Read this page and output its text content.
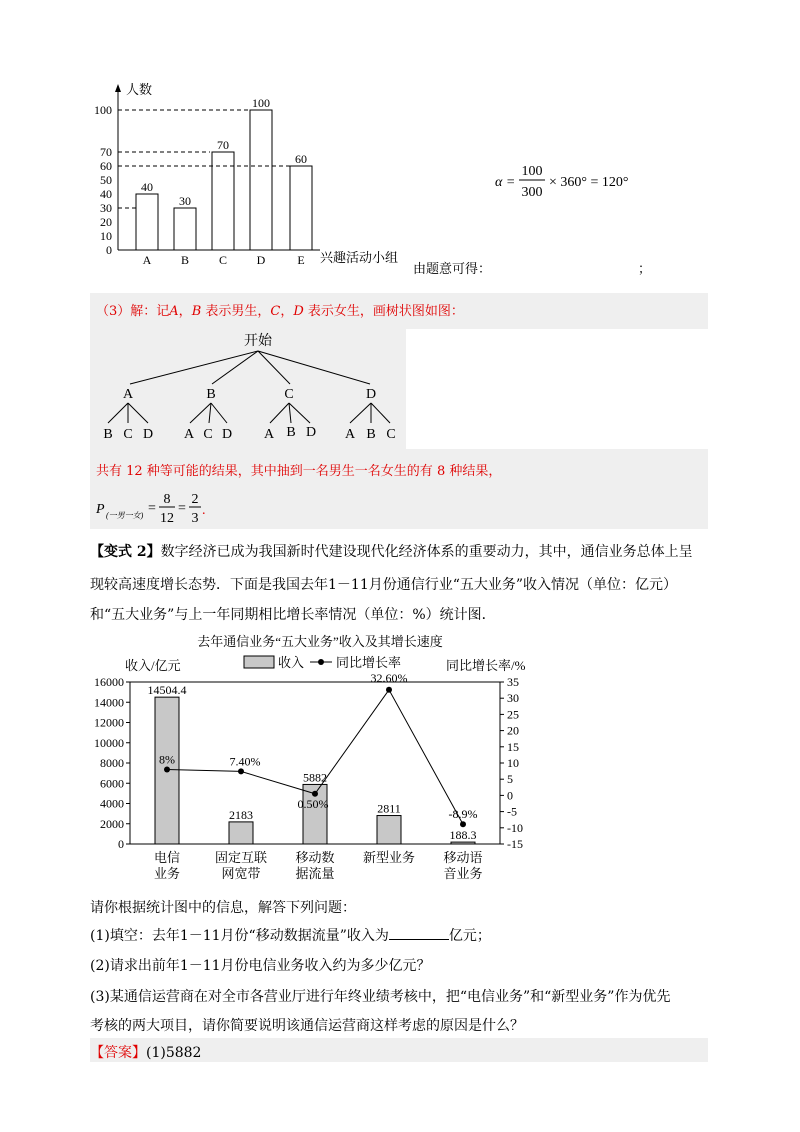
人数
兴趣活动小组
0
10
20
30
40
50
60
70
100
40
30
70
100
60
A B C D	E
α =
100
300
× 360° = 120°
由题意可得：	；
（3）解：记A，B 表示男生，C，D 表示女生，画树状图如图：
开始
A	B	C	D
B C D A C D A B D A B C
共有 12 种等可能的结果，其中抽到一名男生一名女生的有 8 种结果，
P (一男一女) =
8
12
=
2
3
.
【变式 2】数字经济已成为我国新时代建设现代化经济体系的重要动力，其中，通信业务总体上呈
现较高速度增长态势．下面是我国去年1－11月份通信行业“五大业务”收入情况（单位：亿元）
和“五大业务”与上一年同期相比增长率情况（单位：%）统计图．
去年通信业务“五大业务”收入及其增长速度
收入/亿元	同比增长率/%
收入 同比增长率
0
2000
4000
6000
8000
10000
12000
14000
16000	35
30
25
20
15
10
5
0
-5
-10
-15
14504.4
2183
5882
2811
188.3
8%	7.40%
0.50%
32.60%
-8.9%
电信
业务
固定互联
网宽带
移动数
据流量
新型业务 移动语
音业务
请你根据统计图中的信息，解答下列问题：
(1)填空：去年1－11月份“移动数据流量”收入为	亿元；
(2)请求出前年1－11月份电信业务收入约为多少亿元？
(3)某通信运营商在对全市各营业厅进行年终业绩考核中，把“电信业务”和“新型业务”作为优先
考核的两大项目，请你简要说明该通信运营商这样考虑的原因是什么？
【答案】(1)5882
